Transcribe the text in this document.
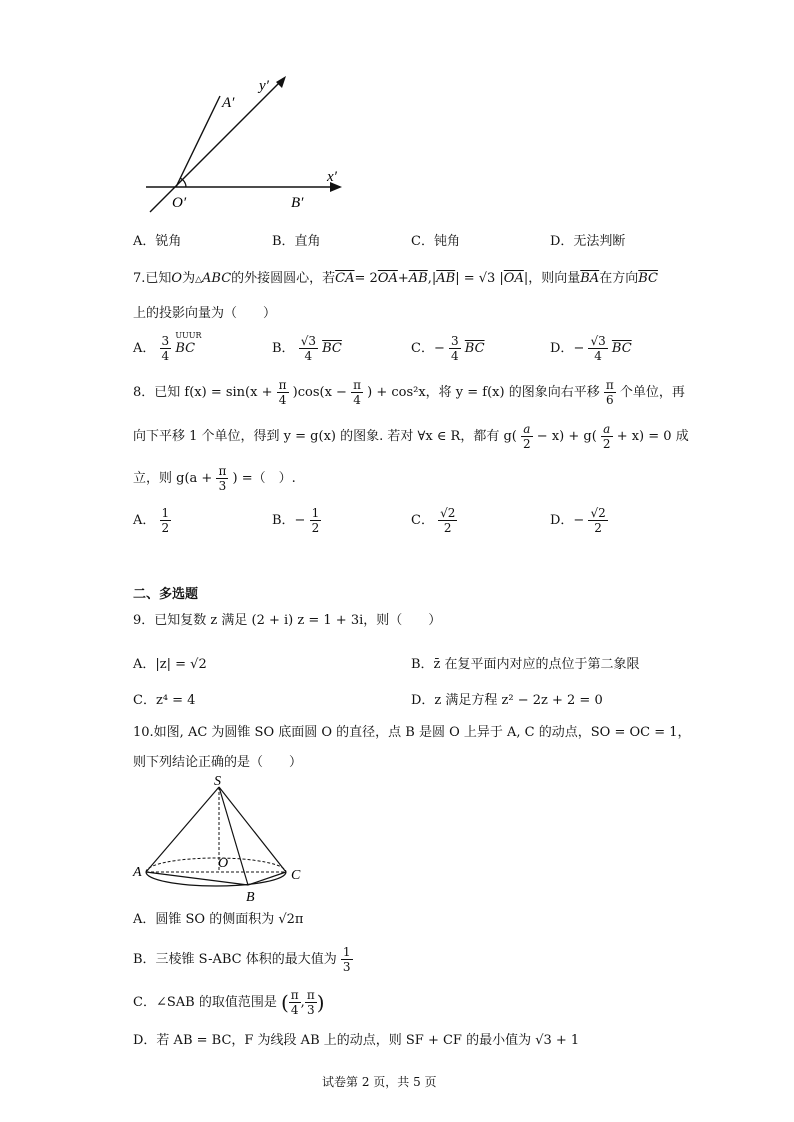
A′
y′
x′
O′	B′
A．锐角	B．直角	C．钝角	D．无法判断
7.已知O为△ABC的外接圆圆心，若$\overline{CA}= 2\overline{OA}+\overline{AB},|\overline{AB}| = √3$ $|\overline{OA}|$，则向量$\overline{BA}$在方向$\overline{BC}$
上的投影向量为（　　）
A． $\frac{3}{4}$
UUUR
BC	B． $\frac{√3}{4} \overline{BC}$	C．− $\frac{3}{4} \overline{BC}$	D．− $\frac{√3}{4} \overline{BC}$
8．已知 $f(x) = \sin(x + \frac{\pi}{4} )\cos(x - \frac{\pi}{4}$ ) + cos²x，将 y = f(x) 的图象向右平移 $\frac{\pi}{6}$ 个单位，再
向下平移 1 个单位，得到 y = g(x) 的图象. 若对 ∀x ∈ R，都有 $g( \frac{a}{2} - x) + g( \frac{a}{2} + x) = 0$ 成
立，则 $g(a + \frac{\pi}{3}$ ) =（　）.
A． $\frac{1}{2}$	B．− $\frac{1}{2}$	C． $\frac{√2}{2}$	D．− $\frac{√2}{2}$
二、多选题
9．已知复数 z 满足 (2 + i) z = 1 + 3i，则（　　）
A．|z| = √2	B．z̄ 在复平面内对应的点位于第二象限
C．z⁴ = 4	D．z 满足方程 z² − 2z + 2 = 0
10.如图, AC 为圆锥 SO 底面圆 O 的直径，点 B 是圆 O 上异于 A, C 的动点，SO = OC = 1，
则下列结论正确的是（　　）
S
A
O
C
B
A．圆锥 SO 的侧面积为 √2π
B．三棱锥 S-ABC 体积的最大值为 $\frac{1}{3}$
C．∠SAB 的取值范围是 ( $\frac{\pi}{4}$ , $\frac{\pi}{3}$ )
D．若 AB = BC，F 为线段 AB 上的动点，则 SF + CF 的最小值为 √3 + 1
试卷第 2 页，共 5 页
